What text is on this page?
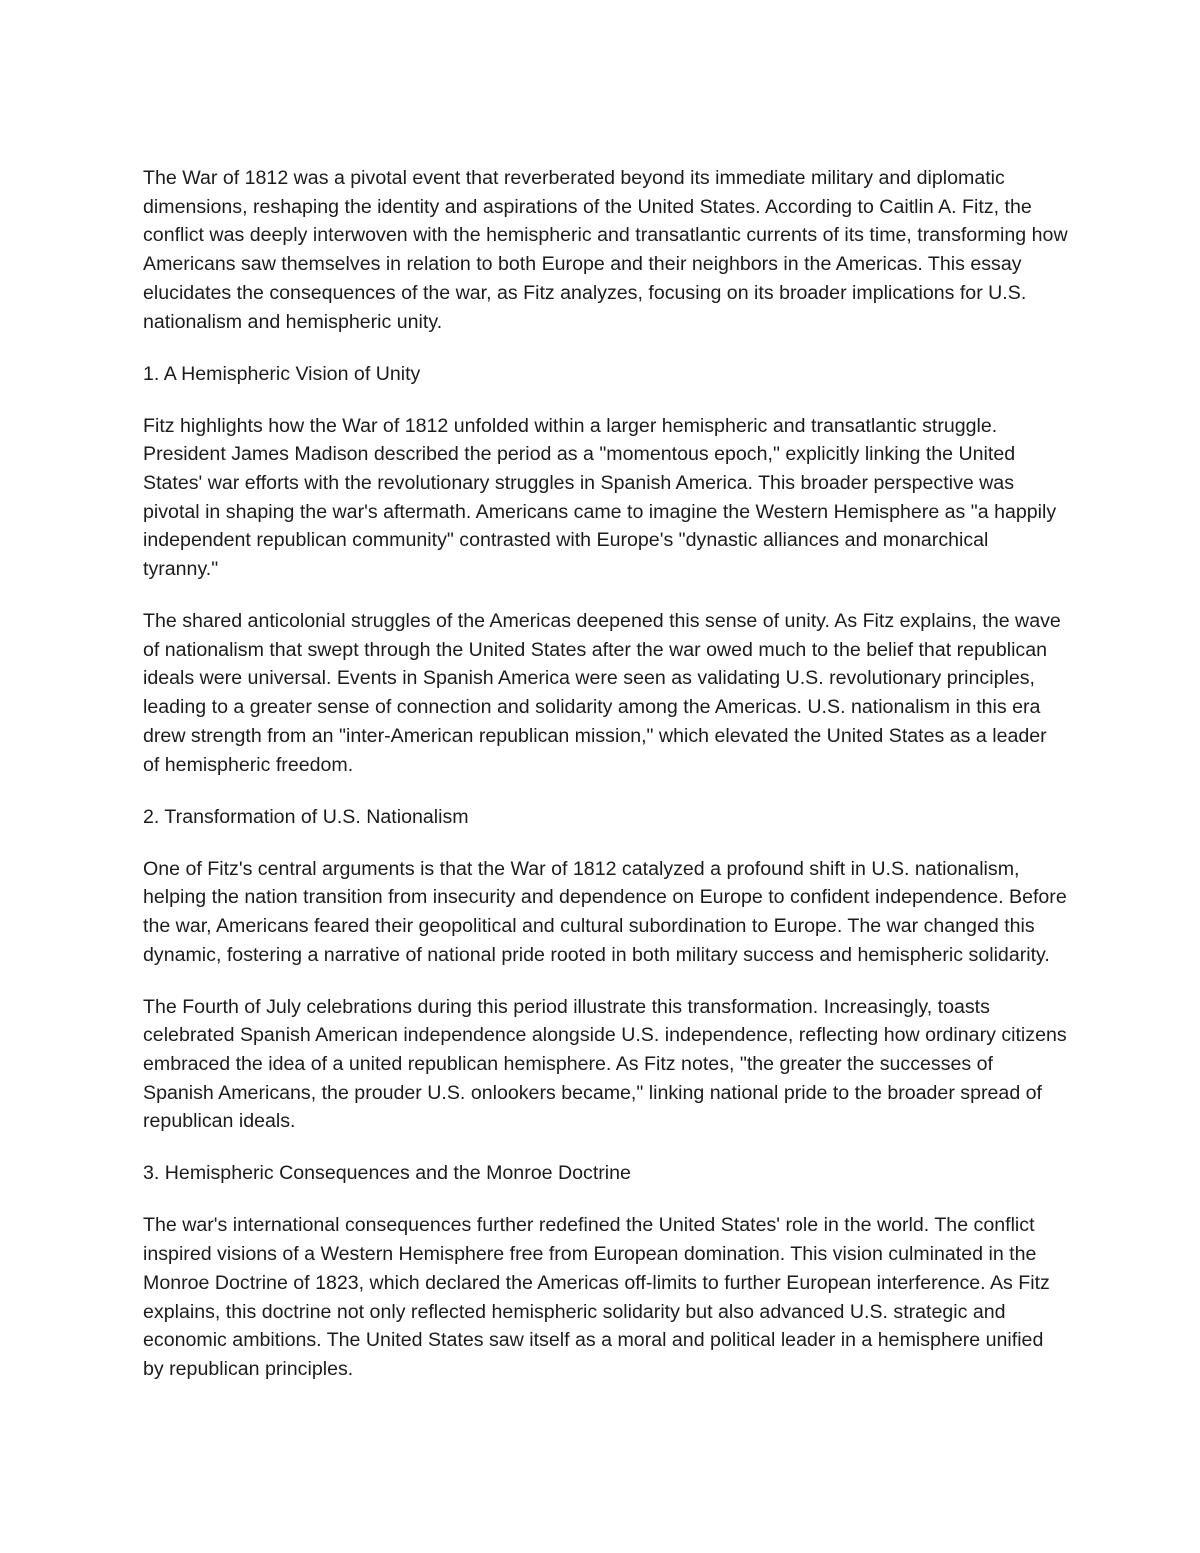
The War of 1812 was a pivotal event that reverberated beyond its immediate military and diplomatic dimensions, reshaping the identity and aspirations of the United States. According to Caitlin A. Fitz, the conflict was deeply interwoven with the hemispheric and transatlantic currents of its time, transforming how Americans saw themselves in relation to both Europe and their neighbors in the Americas. This essay elucidates the consequences of the war, as Fitz analyzes, focusing on its broader implications for U.S. nationalism and hemispheric unity.

1. A Hemispheric Vision of Unity

Fitz highlights how the War of 1812 unfolded within a larger hemispheric and transatlantic struggle. President James Madison described the period as a "momentous epoch," explicitly linking the United States' war efforts with the revolutionary struggles in Spanish America. This broader perspective was pivotal in shaping the war's aftermath. Americans came to imagine the Western Hemisphere as "a happily independent republican community" contrasted with Europe's "dynastic alliances and monarchical tyranny."

The shared anticolonial struggles of the Americas deepened this sense of unity. As Fitz explains, the wave of nationalism that swept through the United States after the war owed much to the belief that republican ideals were universal. Events in Spanish America were seen as validating U.S. revolutionary principles, leading to a greater sense of connection and solidarity among the Americas. U.S. nationalism in this era drew strength from an "inter-American republican mission," which elevated the United States as a leader of hemispheric freedom.

2. Transformation of U.S. Nationalism

One of Fitz's central arguments is that the War of 1812 catalyzed a profound shift in U.S. nationalism, helping the nation transition from insecurity and dependence on Europe to confident independence. Before the war, Americans feared their geopolitical and cultural subordination to Europe. The war changed this dynamic, fostering a narrative of national pride rooted in both military success and hemispheric solidarity.

The Fourth of July celebrations during this period illustrate this transformation. Increasingly, toasts celebrated Spanish American independence alongside U.S. independence, reflecting how ordinary citizens embraced the idea of a united republican hemisphere. As Fitz notes, "the greater the successes of Spanish Americans, the prouder U.S. onlookers became," linking national pride to the broader spread of republican ideals.

3. Hemispheric Consequences and the Monroe Doctrine

The war's international consequences further redefined the United States' role in the world. The conflict inspired visions of a Western Hemisphere free from European domination. This vision culminated in the Monroe Doctrine of 1823, which declared the Americas off-limits to further European interference. As Fitz explains, this doctrine not only reflected hemispheric solidarity but also advanced U.S. strategic and economic ambitions. The United States saw itself as a moral and political leader in a hemisphere unified by republican principles.
